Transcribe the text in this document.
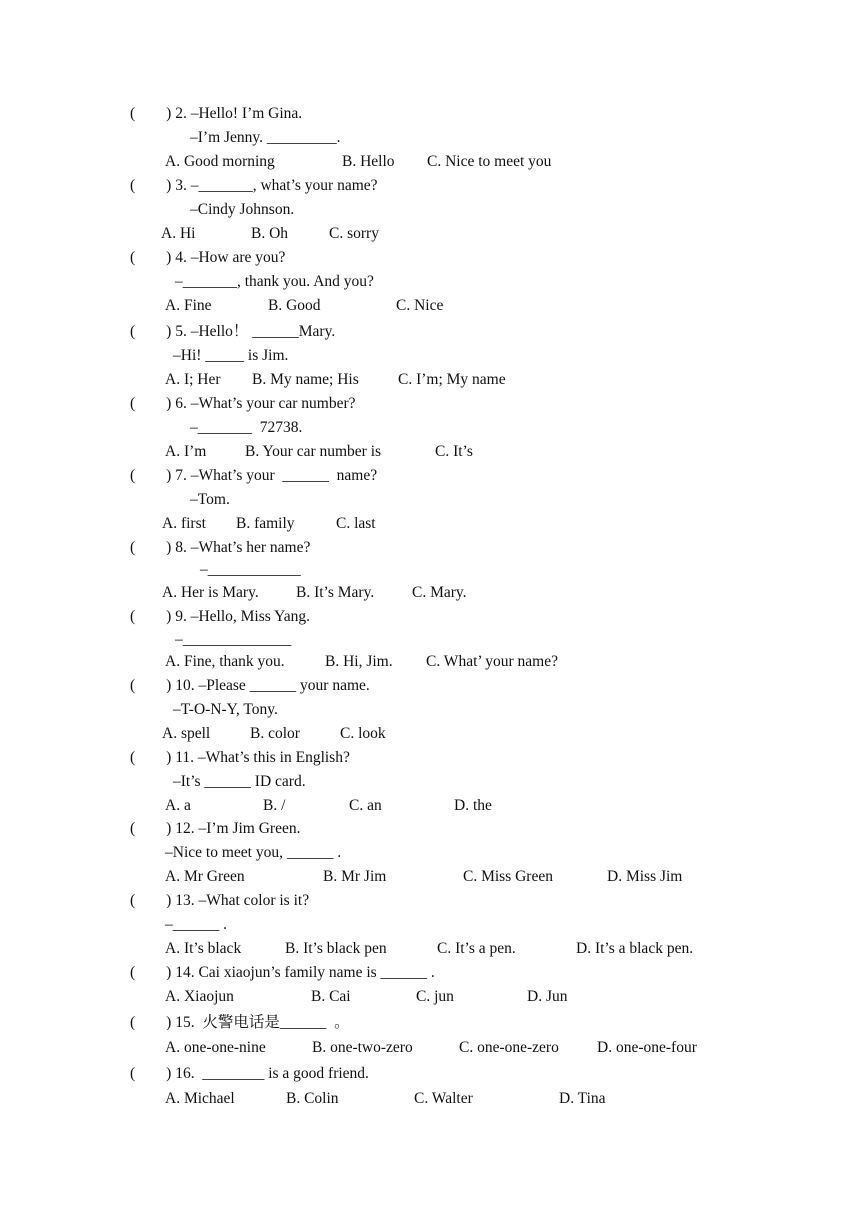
(        ) 2. –Hello! I’m Gina.
–I’m Jenny. _________.
A. Good morning	B. Hello C. Nice to meet you
(        ) 3. –_______, what’s your name?
–Cindy Johnson.
A. Hi	B. Oh	C. sorry
(        ) 4. –How are you?
–_______, thank you. And you?
A. Fine	B. Good	C. Nice
(        ) 5. –Hello！ ______Mary.
–Hi! _____ is Jim.
A. I; Her B. My name; His	C. I’m; My name
(        ) 6. –What’s your car number?
–_______  72738.
A. I’m B. Your car number is	C. It’s
(        ) 7. –What’s your  ______  name?
–Tom.
A. first B. family	C. last
(        ) 8. –What’s her name?
–____________
A. Her is Mary. B. It’s Mary. C. Mary.
(        ) 9. –Hello, Miss Yang.
–______________
A. Fine, thank you.	B. Hi, Jim. C. What’ your name?
(        ) 10. –Please ______ your name.
–T-O-N-Y, Tony.
A. spell	B. color	C. look
(        ) 11. –What’s this in English?
–It’s ______ ID card.
A. a	B. /	C. an	D. the
(        ) 12. –I’m Jim Green.
–Nice to meet you, ______ .
A. Mr Green	B. Mr Jim	C. Miss Green	D. Miss Jim
(        ) 13. –What color is it?
–______ .
A. It’s black	B. It’s black pen	C. It’s a pen.	D. It’s a black pen.
(        ) 14. Cai xiaojun’s family name is ______ .
A. Xiaojun	B. Cai	C. jun	D. Jun
(        ) 15.  火警电话是______  。
A. one-one-nine	B. one-two-zero	C. one-one-zero D. one-one-four
(        ) 16.  ________ is a good friend.
A. Michael	B. Colin	C. Walter	D. Tina
